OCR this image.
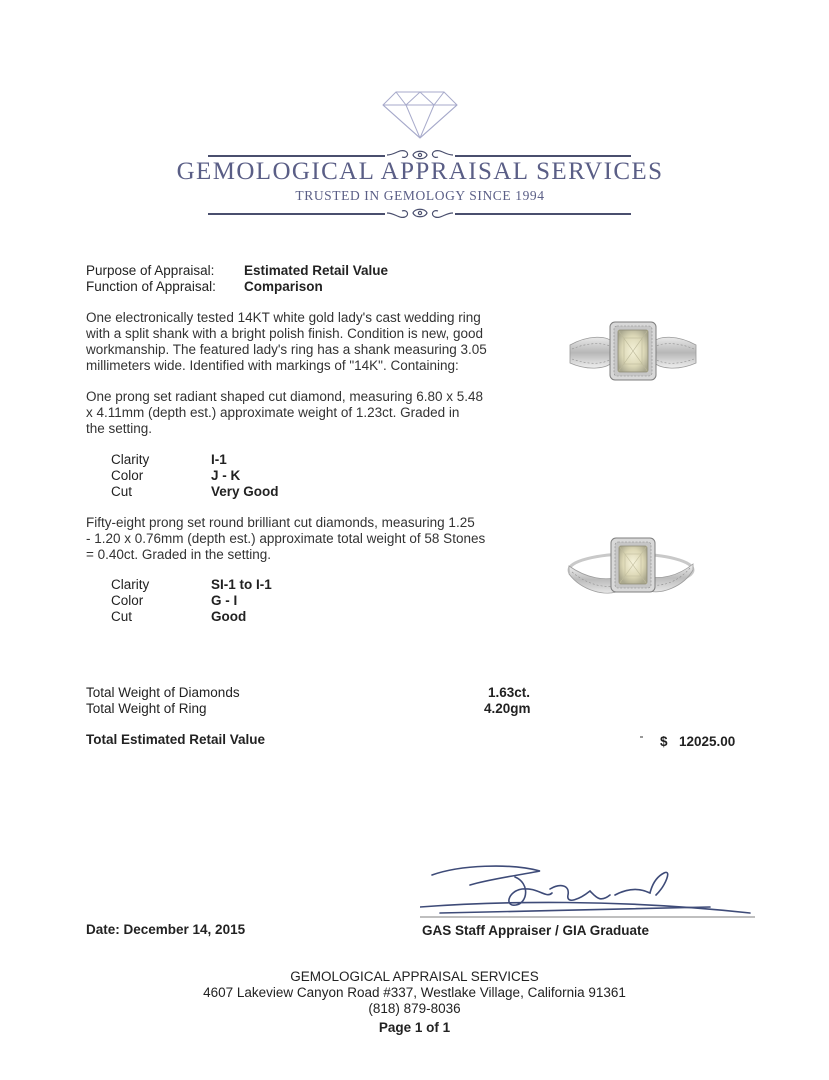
GEMOLOGICAL APPRAISAL SERVICES
TRUSTED IN GEMOLOGY SINCE 1994
Purpose of Appraisal: Estimated Retail Value
Function of Appraisal: Comparison
One electronically tested 14KT white gold lady's cast wedding ring
with a split shank with a bright polish finish. Condition is new, good
workmanship. The featured lady's ring has a shank measuring 3.05
millimeters wide. Identified with markings of "14K". Containing:
One prong set radiant shaped cut diamond, measuring 6.80 x 5.48
x 4.11mm (depth est.) approximate weight of 1.23ct. Graded in
the setting.
Clarity	I-1
Color	J - K
Cut	Very Good
Fifty-eight prong set round brilliant cut diamonds, measuring 1.25
- 1.20 x 0.76mm (depth est.) approximate total weight of 58 Stones
= 0.40ct. Graded in the setting.
Clarity	SI-1 to I-1
Color	G - I
Cut	Good
Total Weight of Diamonds	1.63ct.
Total Weight of Ring	4.20gm
Total Estimated Retail Value	$ 12025.00
Date: December 14, 2015	GAS Staff Appraiser / GIA Graduate
GEMOLOGICAL APPRAISAL SERVICES
4607 Lakeview Canyon Road #337, Westlake Village, California 91361
(818) 879-8036
Page 1 of 1
